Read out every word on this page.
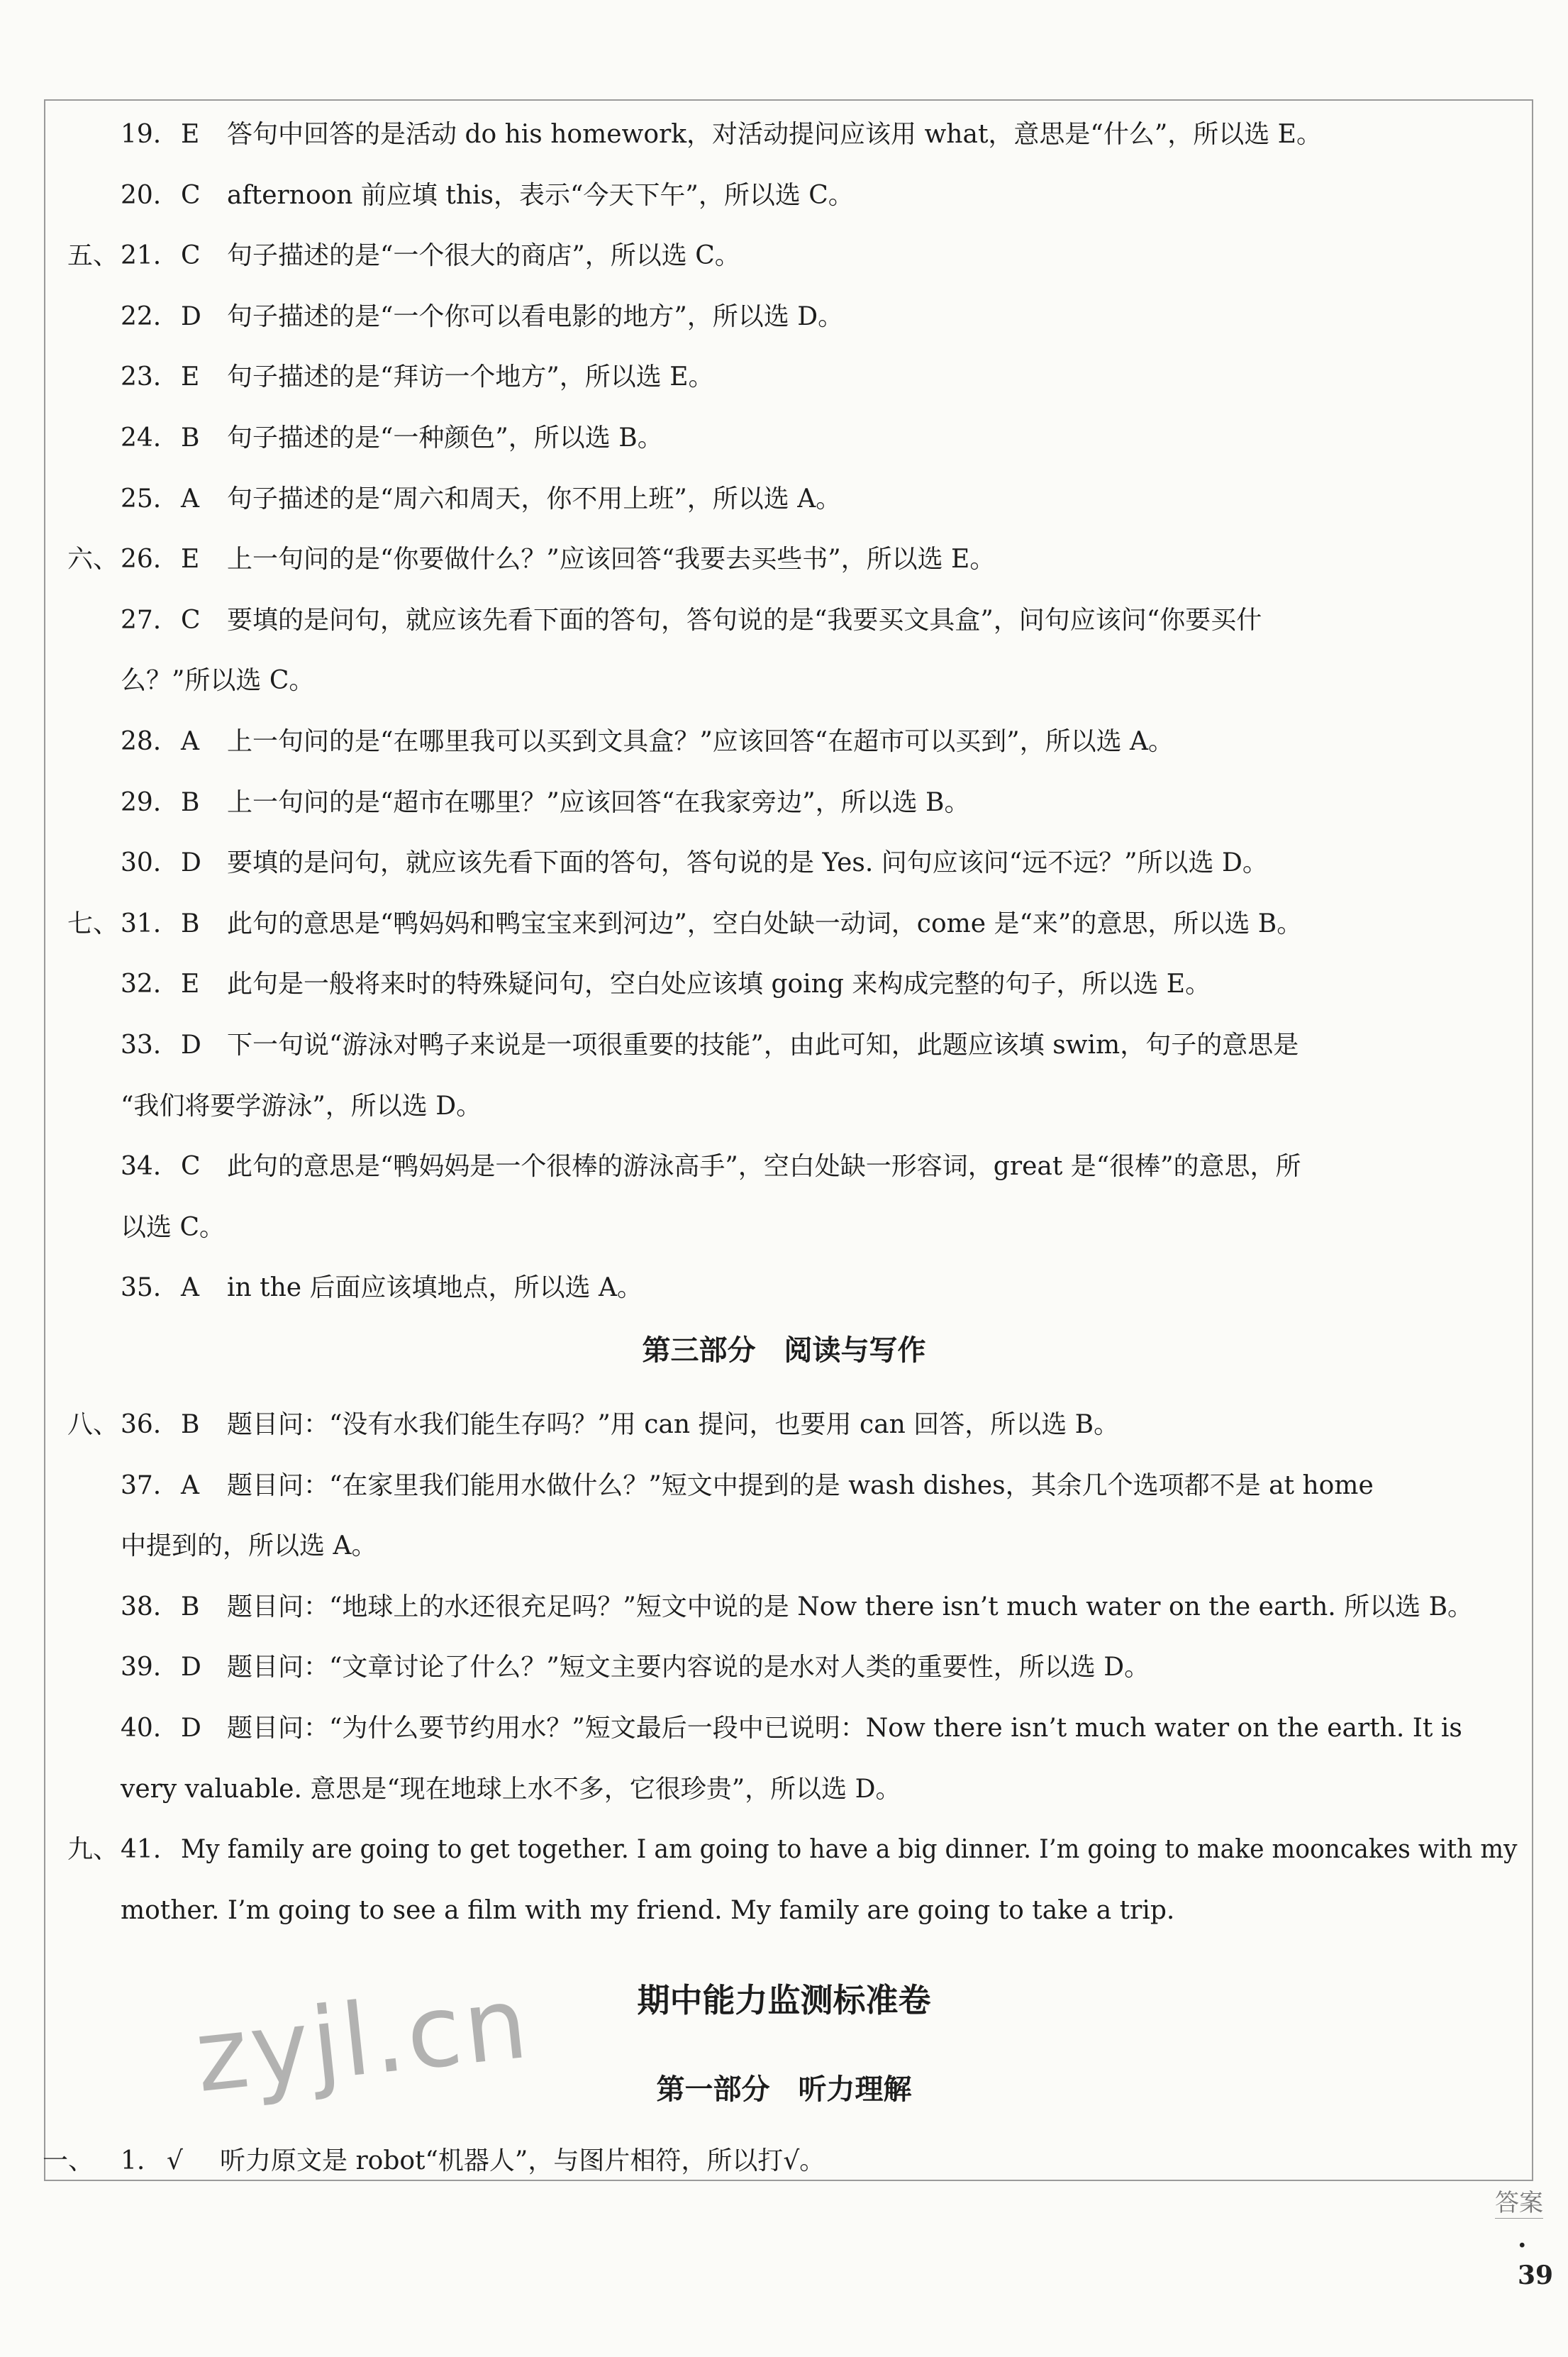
19. E 答句中回答的是活动 do his homework，对活动提问应该用 what，意思是“什么”，所以选 E。
20. C afternoon 前应填 this，表示“今天下午”，所以选 C。
五、 21. C 句子描述的是“一个很大的商店”，所以选 C。
22. D 句子描述的是“一个你可以看电影的地方”，所以选 D。
23. E 句子描述的是“拜访一个地方”，所以选 E。
24. B 句子描述的是“一种颜色”，所以选 B。
25. A 句子描述的是“周六和周天，你不用上班”，所以选 A。
六、 26. E 上一句问的是“你要做什么？”应该回答“我要去买些书”，所以选 E。
27. C 要填的是问句，就应该先看下面的答句，答句说的是“我要买文具盒”，问句应该问“你要买什
么？”所以选 C。
28. A 上一句问的是“在哪里我可以买到文具盒？”应该回答“在超市可以买到”，所以选 A。
29. B 上一句问的是“超市在哪里？”应该回答“在我家旁边”，所以选 B。
30. D 要填的是问句，就应该先看下面的答句，答句说的是 Yes. 问句应该问“远不远？”所以选 D。
七、 31. B 此句的意思是“鸭妈妈和鸭宝宝来到河边”，空白处缺一动词，come 是“来”的意思，所以选 B。
32. E 此句是一般将来时的特殊疑问句，空白处应该填 going 来构成完整的句子，所以选 E。
33. D 下一句说“游泳对鸭子来说是一项很重要的技能”，由此可知，此题应该填 swim，句子的意思是
“我们将要学游泳”，所以选 D。
34. C 此句的意思是“鸭妈妈是一个很棒的游泳高手”，空白处缺一形容词，great 是“很棒”的意思，所
以选 C。
35. A in the 后面应该填地点，所以选 A。
第三部分　阅读与写作
八、 36. B 题目问：“没有水我们能生存吗？”用 can 提问，也要用 can 回答，所以选 B。
37. A 题目问：“在家里我们能用水做什么？”短文中提到的是 wash dishes，其余几个选项都不是 at home
中提到的，所以选 A。
38. B 题目问：“地球上的水还很充足吗？”短文中说的是 Now there isn’t much water on the earth. 所以选 B。
39. D 题目问：“文章讨论了什么？”短文主要内容说的是水对人类的重要性，所以选 D。
40. D 题目问：“为什么要节约用水？”短文最后一段中已说明：Now there isn’t much water on the earth. It is
very valuable. 意思是“现在地球上水不多，它很珍贵”，所以选 D。
九、 41. My family are going to get together. I am going to have a big dinner. I’m going to make mooncakes with my
mother. I’m going to see a film with my friend. My family are going to take a trip.
期中能力监测标准卷
第一部分　听力理解
一、 1. √ 听力原文是 robot“机器人”，与图片相符，所以打√。
zyjl.cn
答案
· 39
